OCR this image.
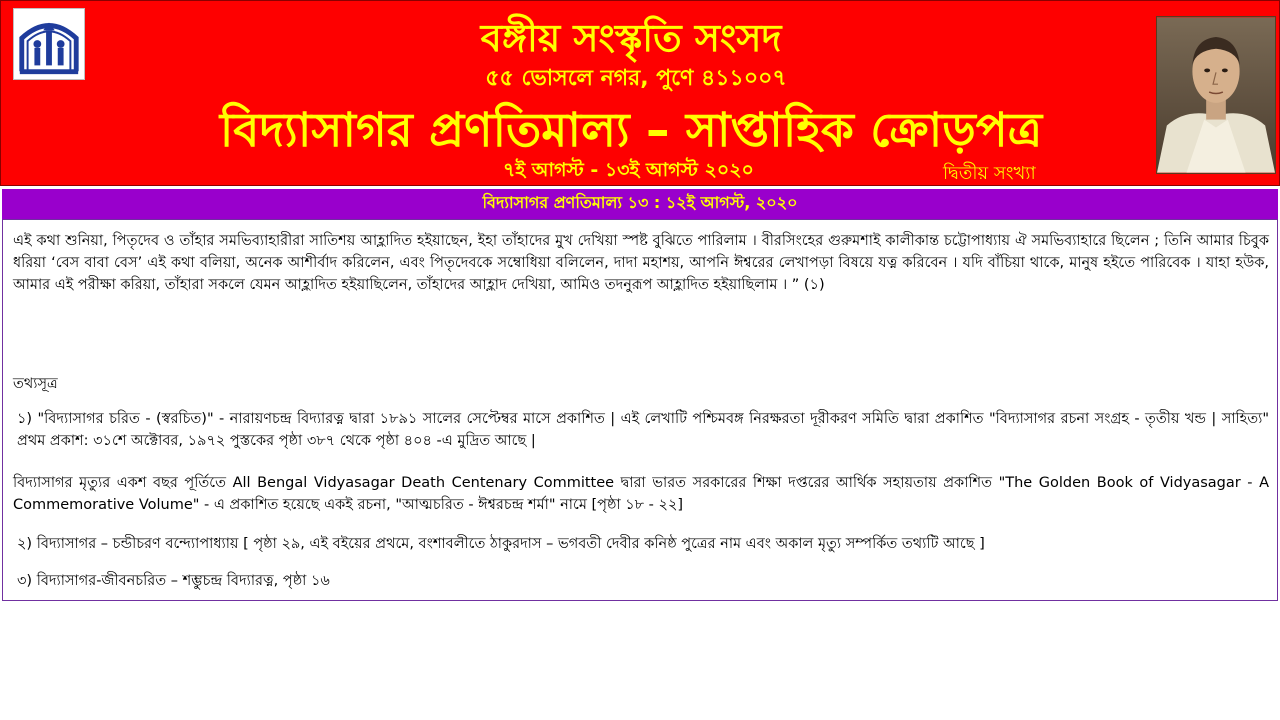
বঙ্গীয় সংস্কৃতি সংসদ
৫৫ ভোসলে নগর, পুণে ৪১১০০৭
বিদ্যাসাগর প্রণতিমাল্য – সাপ্তাহিক ক্রোড়পত্র
৭ই আগস্ট - ১৩ই আগস্ট ২০২০	দ্বিতীয় সংখ্যা
বিদ্যাসাগর প্রণতিমাল্য ১৩ : ১২ই আগস্ট, ২০২০

এই কথা শুনিয়া, পিতৃদেব ও তাঁহার সমভিব্যাহারীরা সাতিশয় আহ্লাদিত হইয়াছেন, ইহা তাঁহাদের মুখ দেখিয়া স্পষ্ট বুঝিতে পারিলাম । বীরসিংহের গুরুমশাই কালীকান্ত চট্টোপাধ্যায় ঐ সমভিব্যাহারে ছিলেন ; তিনি আমার চিবুক ধরিয়া ‘বেস বাবা বেস’ এই কথা বলিয়া, অনেক আশীর্বাদ করিলেন, এবং পিতৃদেবকে সম্বোধিয়া বলিলেন, দাদা মহাশয়, আপনি ঈশ্বরের লেখাপড়া বিষয়ে যত্ন করিবেন । যদি বাঁচিয়া থাকে, মানুষ হইতে পারিবেক । যাহা হউক, আমার এই পরীক্ষা করিয়া, তাঁহারা সকলে যেমন আহ্লাদিত হইয়াছিলেন, তাঁহাদের আহ্লাদ দেখিয়া, আমিও তদনুরূপ আহ্লাদিত হইয়াছিলাম । ” (১)

তথ্যসূত্র

১) "বিদ্যাসাগর চরিত - (স্বরচিত)" - নারায়ণচন্দ্র বিদ্যারত্ন দ্বারা ১৮৯১ সালের সেপ্টেম্বর মাসে প্রকাশিত | এই লেখাটি পশ্চিমবঙ্গ নিরক্ষরতা দূরীকরণ সমিতি দ্বারা প্রকাশিত "বিদ্যাসাগর রচনা সংগ্রহ - তৃতীয় খন্ড | সাহিত্য" প্রথম প্রকাশ: ৩১শে অক্টোবর, ১৯৭২ পুস্তকের পৃষ্ঠা ৩৮৭ থেকে পৃষ্ঠা ৪০৪ -এ মুদ্রিত আছে |

বিদ্যাসাগর মৃত্যুর একশ বছর পূর্তিতে All Bengal Vidyasagar Death Centenary Committee দ্বারা ভারত সরকারের শিক্ষা দপ্তরের আর্থিক সহায়তায় প্রকাশিত "The Golden Book of Vidyasagar - A Commemorative Volume" - এ প্রকাশিত হয়েছে একই রচনা, "আত্মচরিত - ঈশ্বরচন্দ্র শর্মা" নামে [পৃষ্ঠা ১৮ - ২২]

২) বিদ্যাসাগর – চন্ডীচরণ বন্দ্যোপাধ্যায় [ পৃষ্ঠা ২৯, এই বইয়ের প্রথমে, বংশাবলীতে ঠাকুরদাস – ভগবতী দেবীর কনিষ্ঠ পুত্রের নাম এবং অকাল মৃত্যু সম্পর্কিত তথ্যটি আছে ]

৩) বিদ্যাসাগর-জীবনচরিত – শম্ভুচন্দ্র বিদ্যারত্ন, পৃষ্ঠা ১৬
